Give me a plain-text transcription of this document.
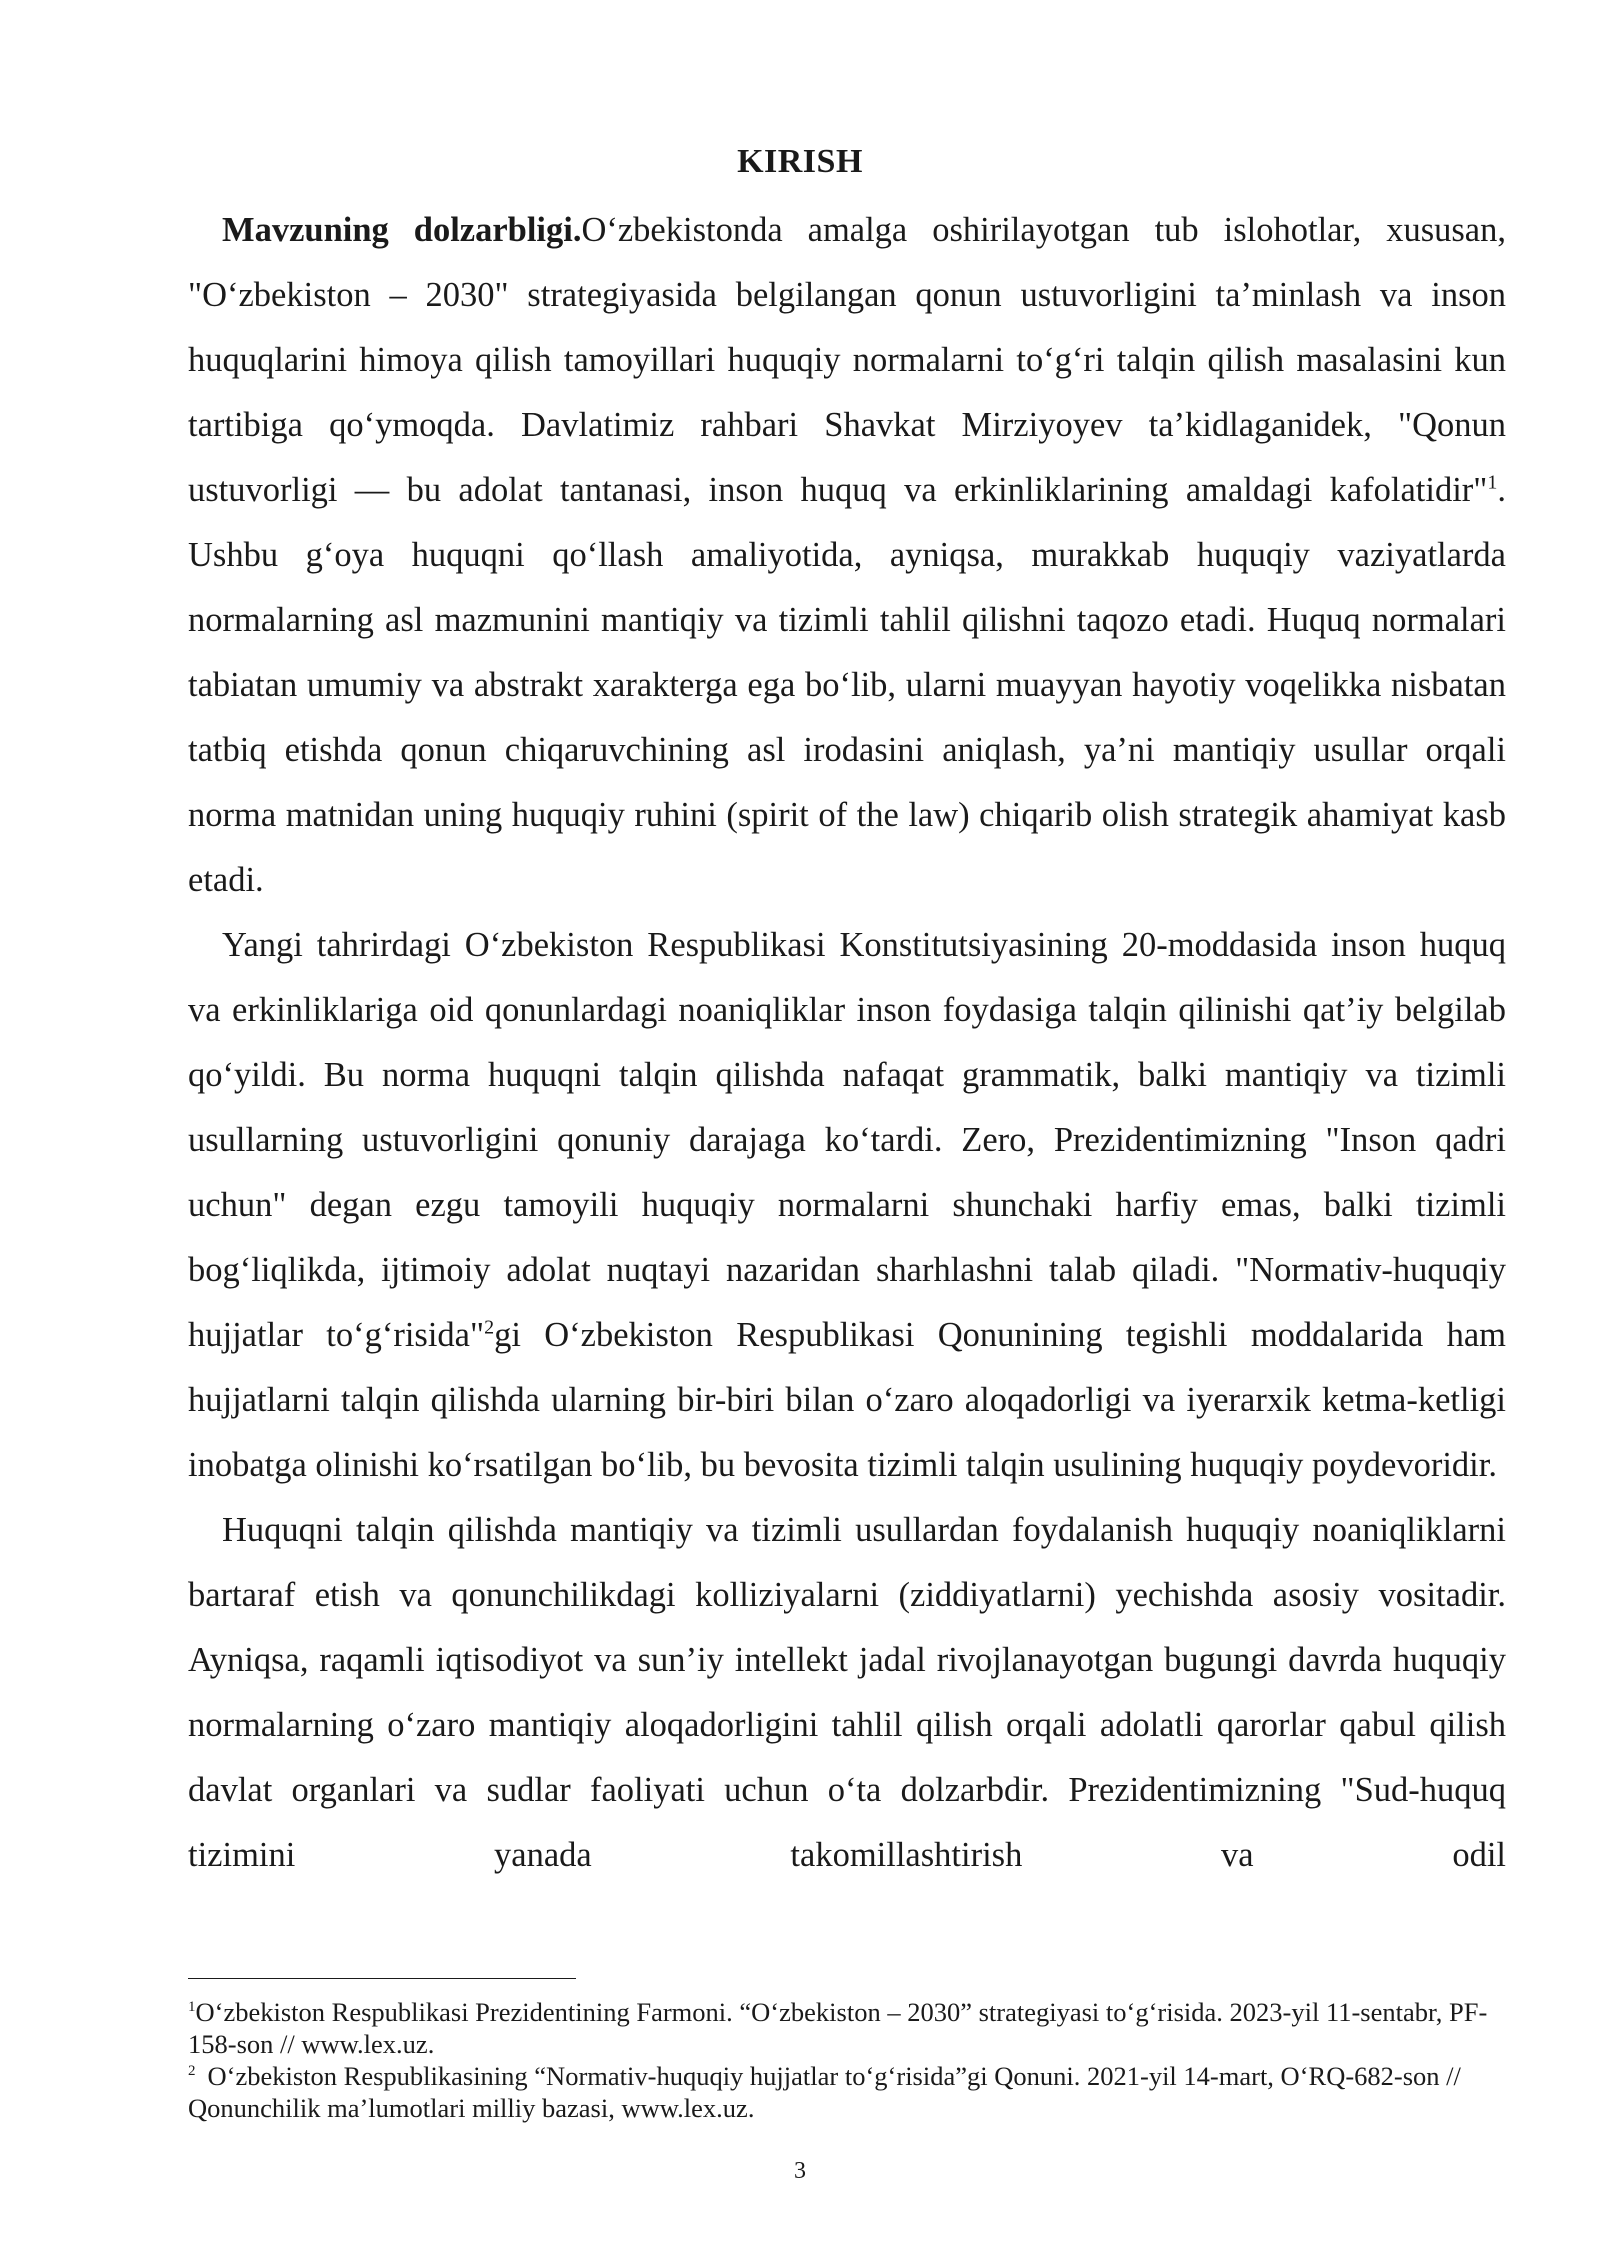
KIRISH

Mavzuning dolzarbligi.O‘zbekistonda amalga oshirilayotgan tub islohotlar, xususan, "O‘zbekiston – 2030" strategiyasida belgilangan qonun ustuvorligini ta’minlash va inson huquqlarini himoya qilish tamoyillari huquqiy normalarni to‘g‘ri talqin qilish masalasini kun tartibiga qo‘ymoqda. Davlatimiz rahbari Shavkat Mirziyoyev ta’kidlaganidek, "Qonun ustuvorligi — bu adolat tantanasi, inson huquq va erkinliklarining amaldagi kafolatidir"$^1$. Ushbu g‘oya huquqni qo‘llash amaliyotida, ayniqsa, murakkab huquqiy vaziyatlarda normalarning asl mazmunini mantiqiy va tizimli tahlil qilishni taqozo etadi. Huquq normalari tabiatan umumiy va abstrakt xarakterga ega bo‘lib, ularni muayyan hayotiy voqelikka nisbatan tatbiq etishda qonun chiqaruvchining asl irodasini aniqlash, ya’ni mantiqiy usullar orqali norma matnidan uning huquqiy ruhini (spirit of the law) chiqarib olish strategik ahamiyat kasb etadi.

Yangi tahrirdagi O‘zbekiston Respublikasi Konstitutsiyasining 20-moddasida inson huquq va erkinliklariga oid qonunlardagi noaniqliklar inson foydasiga talqin qilinishi qat’iy belgilab qo‘yildi. Bu norma huquqni talqin qilishda nafaqat grammatik, balki mantiqiy va tizimli usullarning ustuvorligini qonuniy darajaga ko‘tardi. Zero, Prezidentimizning "Inson qadri uchun" degan ezgu tamoyili huquqiy normalarni shunchaki harfiy emas, balki tizimli bog‘liqlikda, ijtimoiy adolat nuqtayi nazaridan sharhlashni talab qiladi. "Normativ-huquqiy hujjatlar to‘g‘risida"$^2$gi O‘zbekiston Respublikasi Qonunining tegishli moddalarida ham hujjatlarni talqin qilishda ularning bir-biri bilan o‘zaro aloqadorligi va iyerarxik ketma-ketligi inobatga olinishi ko‘rsatilgan bo‘lib, bu bevosita tizimli talqin usulining huquqiy poydevoridir.

Huquqni talqin qilishda mantiqiy va tizimli usullardan foydalanish huquqiy noaniqliklarni bartaraf etish va qonunchilikdagi kolliziyalarni (ziddiyatlarni) yechishda asosiy vositadir. Ayniqsa, raqamli iqtisodiyot va sun’iy intellekt jadal rivojlanayotgan bugungi davrda huquqiy normalarning o‘zaro mantiqiy aloqadorligini tahlil qilish orqali adolatli qarorlar qabul qilish davlat organlari va sudlar faoliyati uchun o‘ta dolzarbdir. Prezidentimizning "Sud-huquq tizimini yanada takomillashtirish va odil

$^1$O‘zbekiston Respublikasi Prezidentining Farmoni. “O‘zbekiston – 2030” strategiyasi to‘g‘risida. 2023-yil 11-sentabr, PF-158-son // www.lex.uz.

$^2$ O‘zbekiston Respublikasining “Normativ-huquqiy hujjatlar to‘g‘risida”gi Qonuni. 2021-yil 14-mart, O‘RQ-682-son // Qonunchilik ma’lumotlari milliy bazasi, www.lex.uz.

3
